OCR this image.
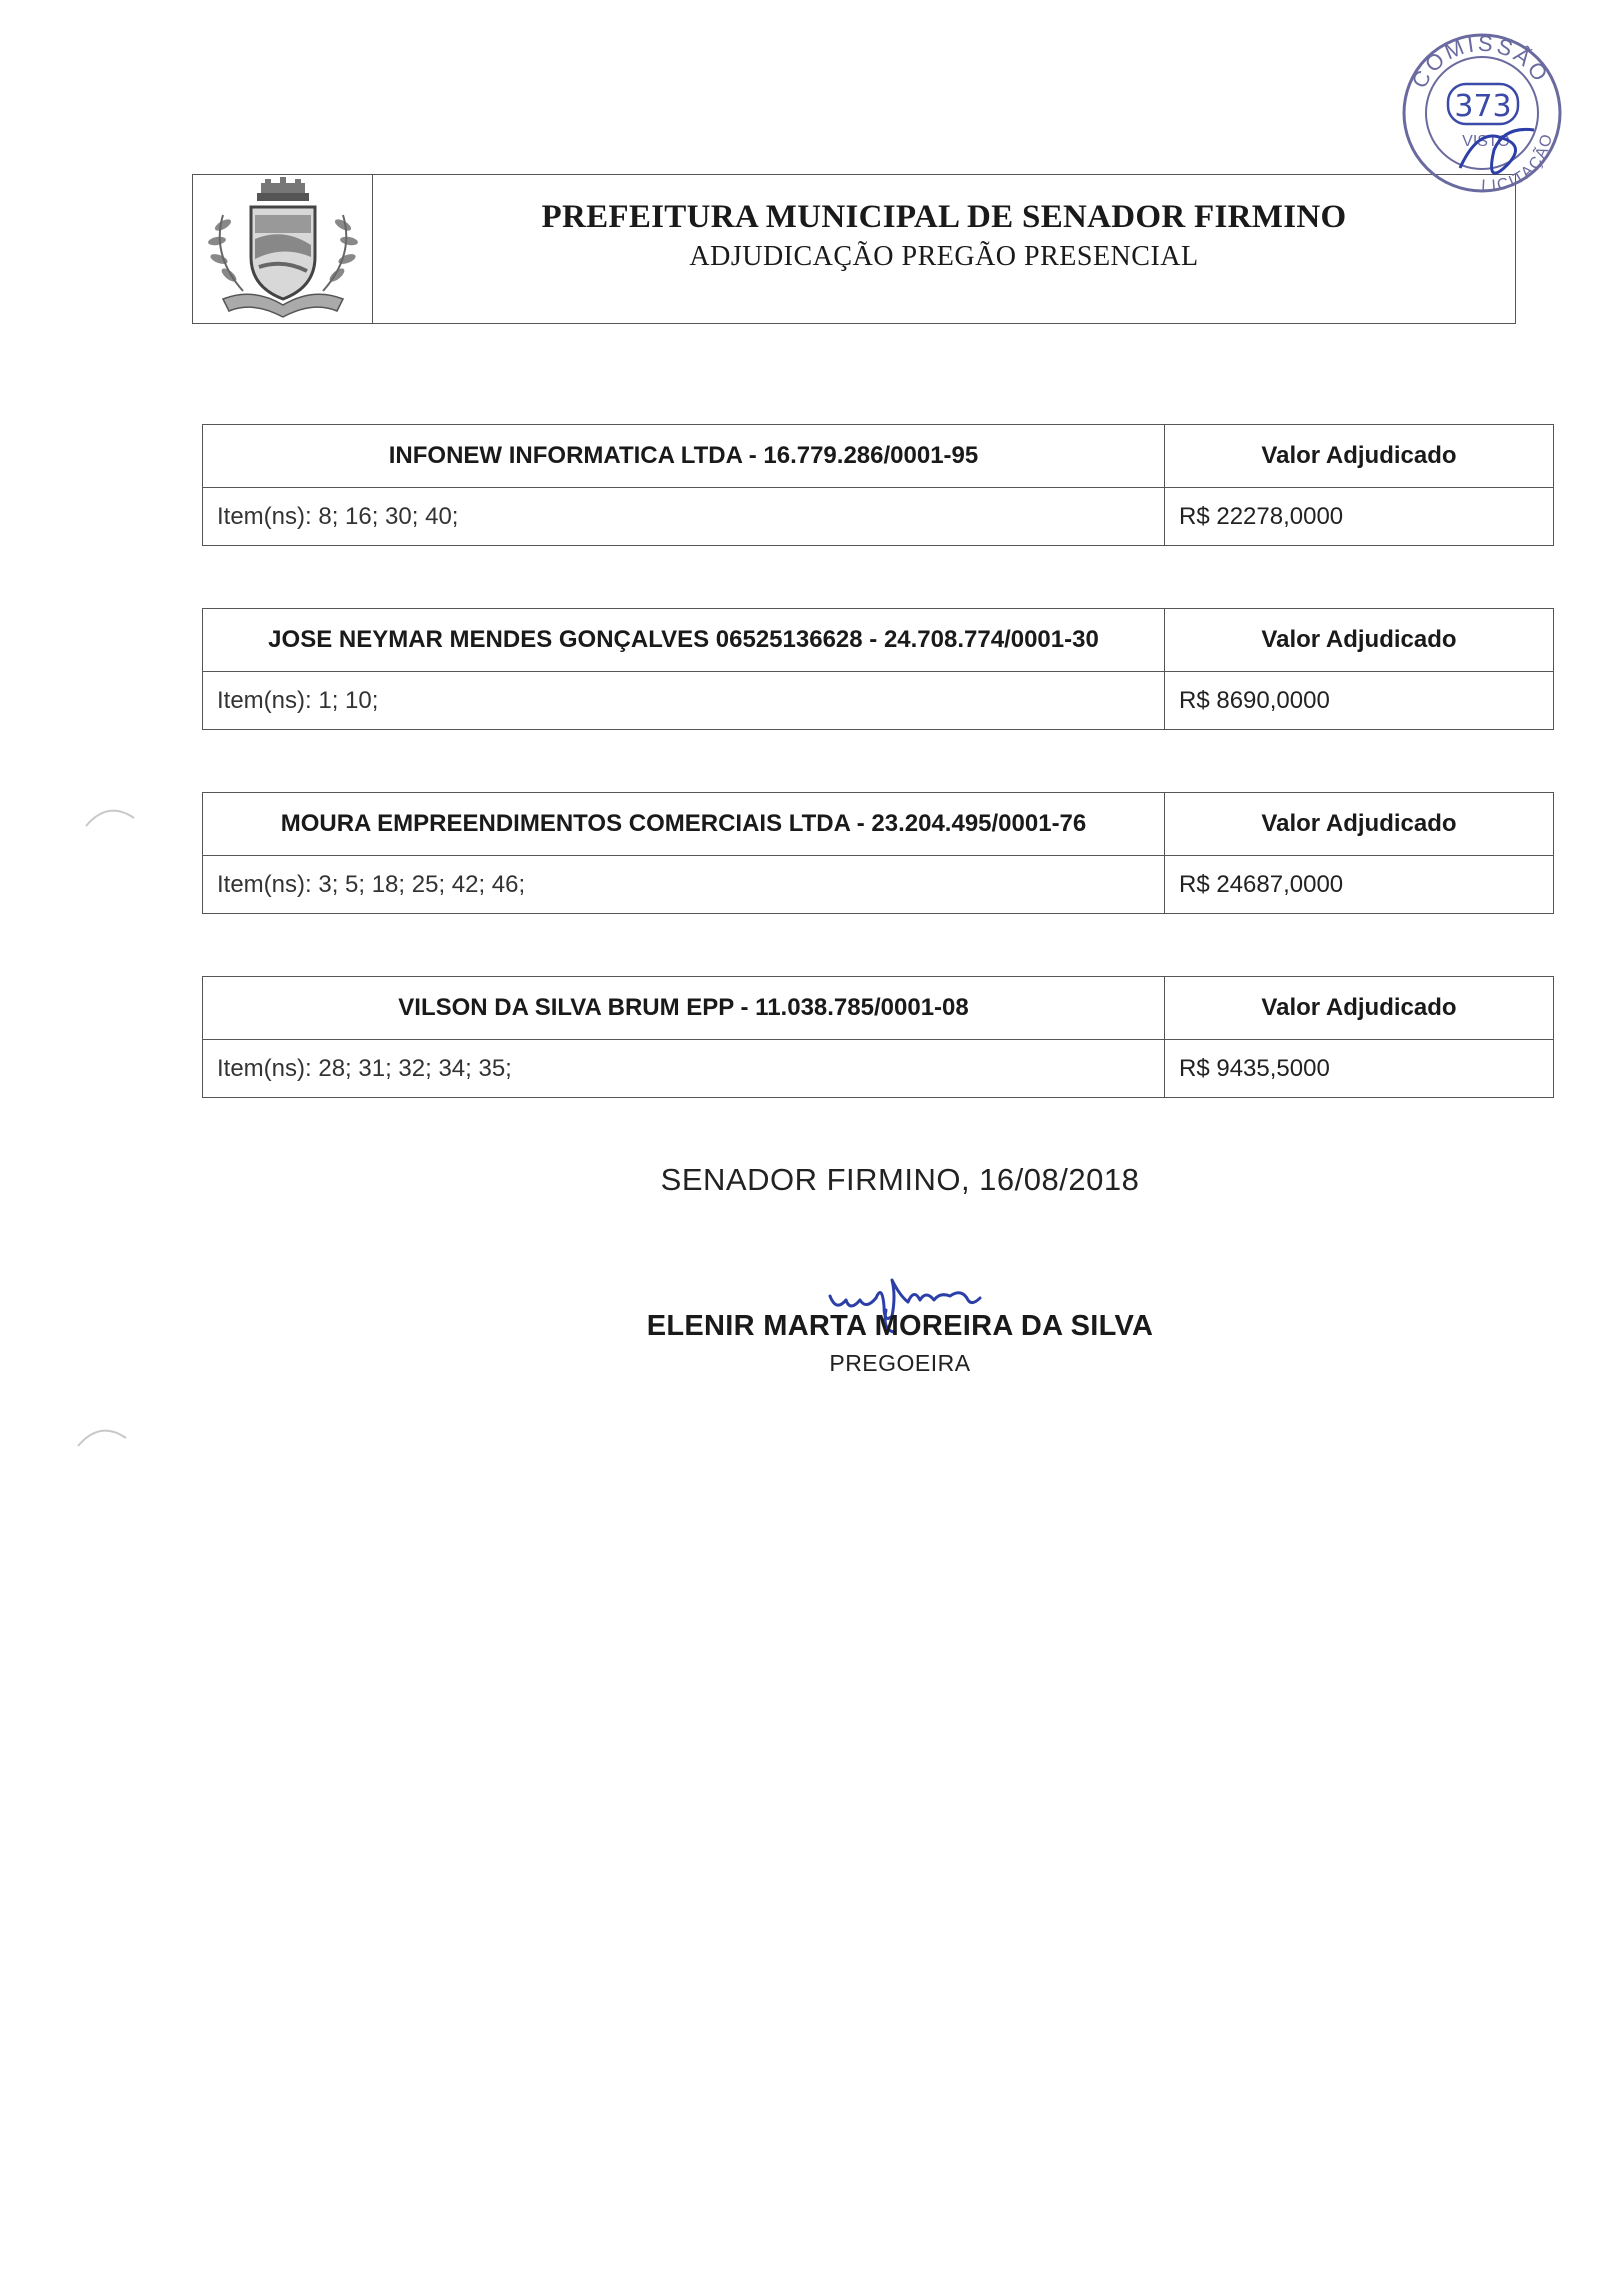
PREFEITURA MUNICIPAL DE SENADOR FIRMINO
ADJUDICAÇÃO PREGÃO PRESENCIAL
COMISSÃO
LICITAÇÃO
373
VISTO
INFONEW INFORMATICA LTDA - 16.779.286/0001-95	Valor Adjudicado
Item(ns): 8; 16; 30; 40;	R$ 22278,0000
JOSE NEYMAR MENDES GONÇALVES 06525136628 - 24.708.774/0001-30	Valor Adjudicado
Item(ns): 1; 10;	R$ 8690,0000
MOURA EMPREENDIMENTOS COMERCIAIS LTDA - 23.204.495/0001-76	Valor Adjudicado
Item(ns): 3; 5; 18; 25; 42; 46;	R$ 24687,0000
VILSON DA SILVA BRUM EPP - 11.038.785/0001-08	Valor Adjudicado
Item(ns): 28; 31; 32; 34; 35;	R$ 9435,5000
SENADOR FIRMINO, 16/08/2018
ELENIR MARTA MOREIRA DA SILVA
PREGOEIRA
